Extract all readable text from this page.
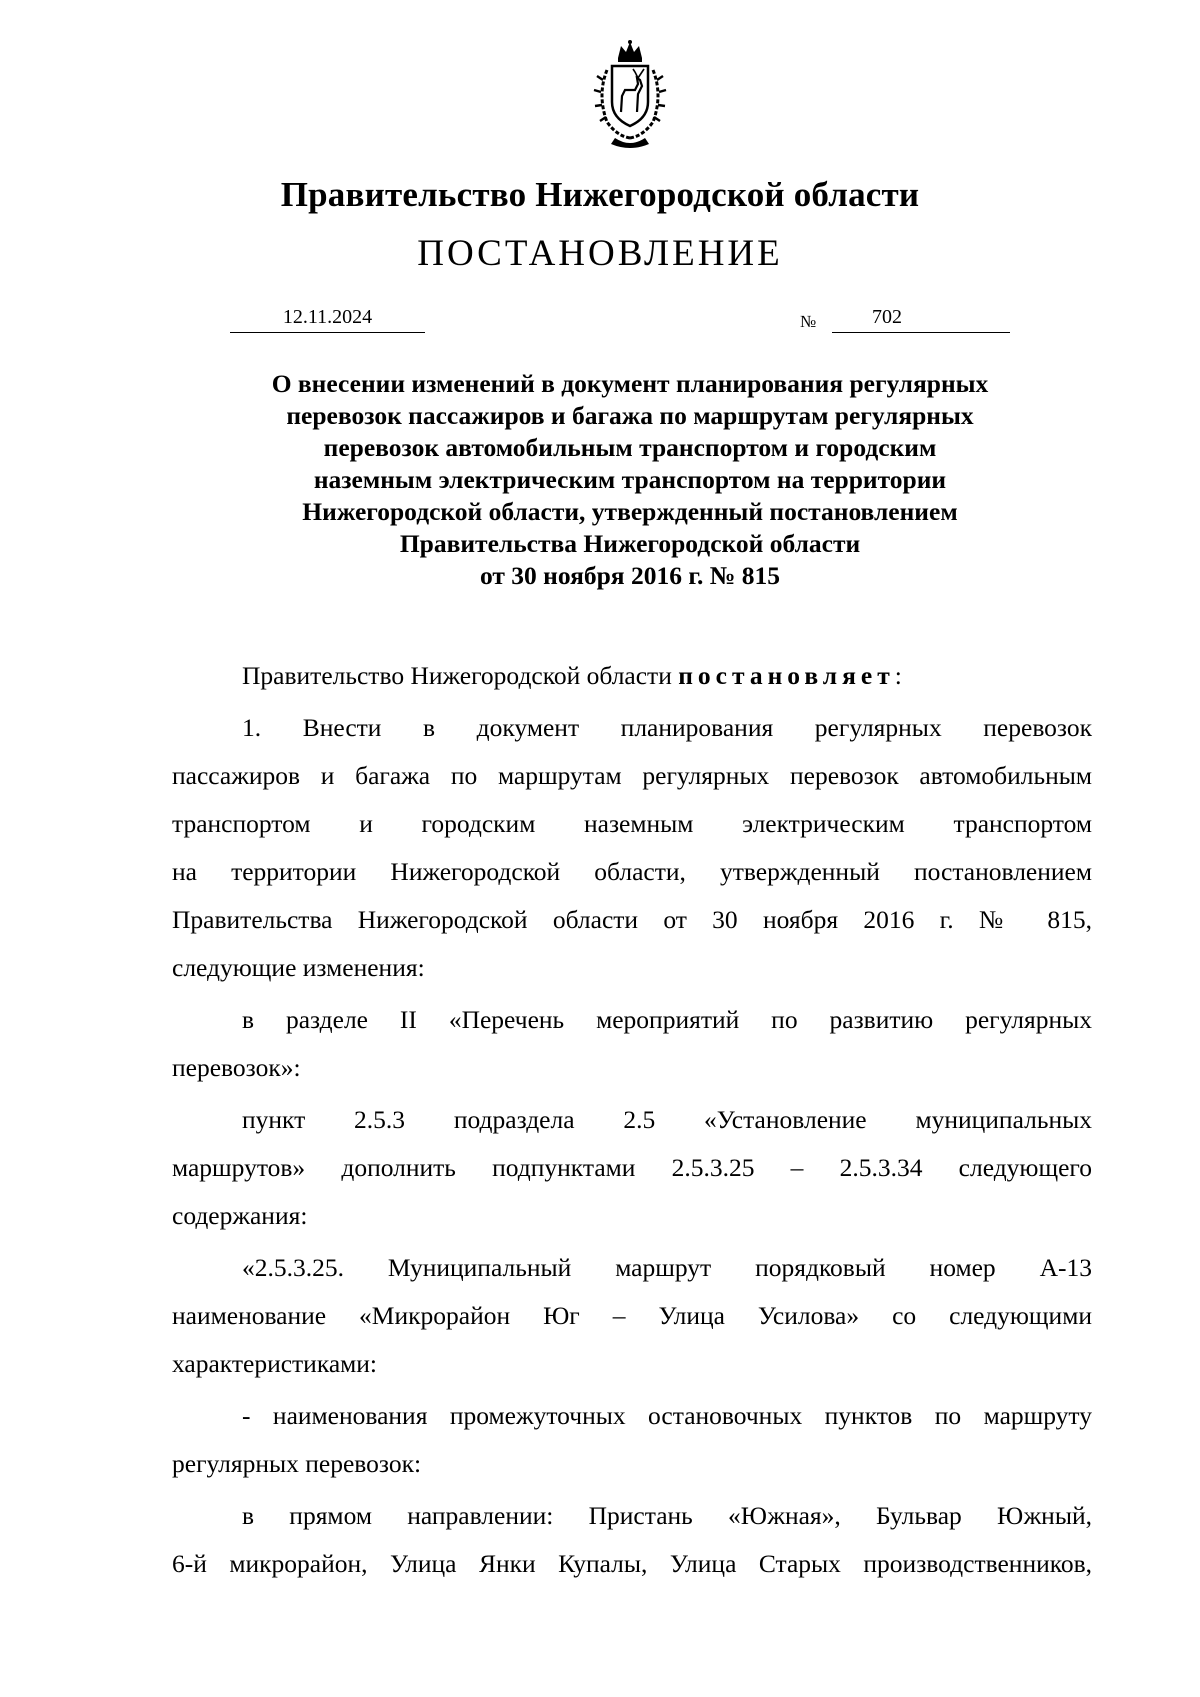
Правительство Нижегородской области
ПОСТАНОВЛЕНИЕ
12.11.2024	№	702
О внесении изменений в документ планирования регулярных
перевозок пассажиров и багажа по маршрутам регулярных
перевозок автомобильным транспортом и городским
наземным электрическим транспортом на территории
Нижегородской области, утвержденный постановлением
Правительства Нижегородской области
от 30 ноября 2016 г. № 815
Правительство Нижегородской области постановляет:
1. Внести в документ планирования регулярных перевозок
пассажиров и багажа по маршрутам регулярных перевозок автомобильным
транспортом и городским наземным электрическим транспортом
на территории Нижегородской области, утвержденный постановлением
Правительства Нижегородской области от 30 ноября 2016 г. № 815,
следующие изменения:
в разделе II «Перечень мероприятий по развитию регулярных
перевозок»:
пункт 2.5.3 подраздела 2.5 «Установление муниципальных
маршрутов» дополнить подпунктами 2.5.3.25 – 2.5.3.34 следующего
содержания:
«2.5.3.25. Муниципальный маршрут порядковый номер А-13
наименование «Микрорайон Юг – Улица Усилова» со следующими
характеристиками:
- наименования промежуточных остановочных пунктов по маршруту
регулярных перевозок:
в прямом направлении: Пристань «Южная», Бульвар Южный,
6-й микрорайон, Улица Янки Купалы, Улица Старых производственников,
